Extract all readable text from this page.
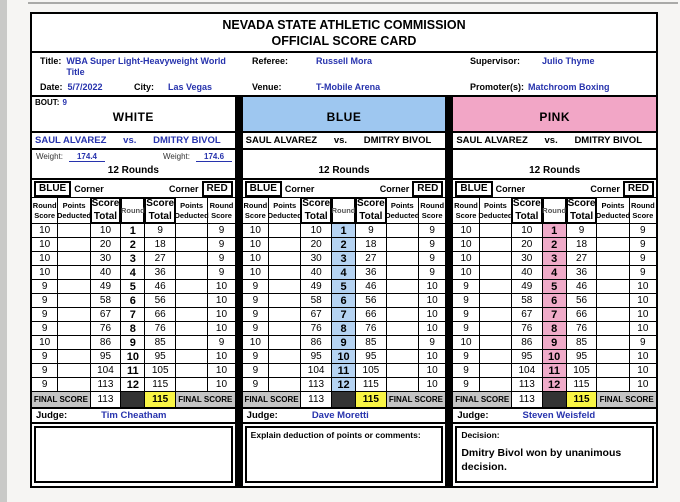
NEVADA STATE ATHLETIC COMMISSION
OFFICIAL SCORE CARD
Title: WBA Super Light-Heavyweight World Title
Referee:	Russell Mora	Supervisor:	Julio Thyme
Date: 5/7/2022	City:	Las Vegas	Venue:	T-Mobile Arena	Promoter(s): Matchroom Boxing
BOUT: 9
WHITE
SAUL ALVAREZ vs. DMITRY BIVOL
Weight:	174.4	Weight:	174.6
12 Rounds
BLUE Corner	Corner RED
Round
Score
Points
Deducted
Score
Total
Round
Score
Total
Points
Deducted
Round
Score
10	10	1	9	9
10	20	2	18	9
10	30	3	27	9
10	40	4	36	9
9	49	5	46	10
9	58	6	56	10
9	67	7	66	10
9	76	8	76	10
10	86	9	85	9
9	95	10	95	10
9	104	11	105	10
9	113	12	115	10
FINAL SCORE 113	115	FINAL SCORE
Judge:	Tim Cheatham
BLUE
SAUL ALVAREZ vs. DMITRY BIVOL
12 Rounds
BLUE Corner	Corner RED
Round
Score
Points
Deducted
Score
Total
Round
Score
Total
Points
Deducted
Round
Score
10	10	1	9	9
10	20	2	18	9
10	30	3	27	9
10	40	4	36	9
9	49	5	46	10
9	58	6	56	10
9	67	7	66	10
9	76	8	76	10
10	86	9	85	9
9	95	10	95	10
9	104	11	105	10
9	113	12	115	10
FINAL SCORE 113	115	FINAL SCORE
Judge:	Dave Moretti
Explain deduction of points or comments:
PINK
SAUL ALVAREZ vs. DMITRY BIVOL
12 Rounds
BLUE Corner	Corner RED
Round
Score
Points
Deducted
Score
Total
Round
Score
Total
Points
Deducted
Round
Score
10	10	1	9	9
10	20	2	18	9
10	30	3	27	9
10	40	4	36	9
9	49	5	46	10
9	58	6	56	10
9	67	7	66	10
9	76	8	76	10
10	86	9	85	9
9	95	10	95	10
9	104	11	105	10
9	113	12	115	10
FINAL SCORE 113	115	FINAL SCORE
Judge:	Steven Weisfeld
Decision:
Dmitry Bivol won by unanimous decision.
